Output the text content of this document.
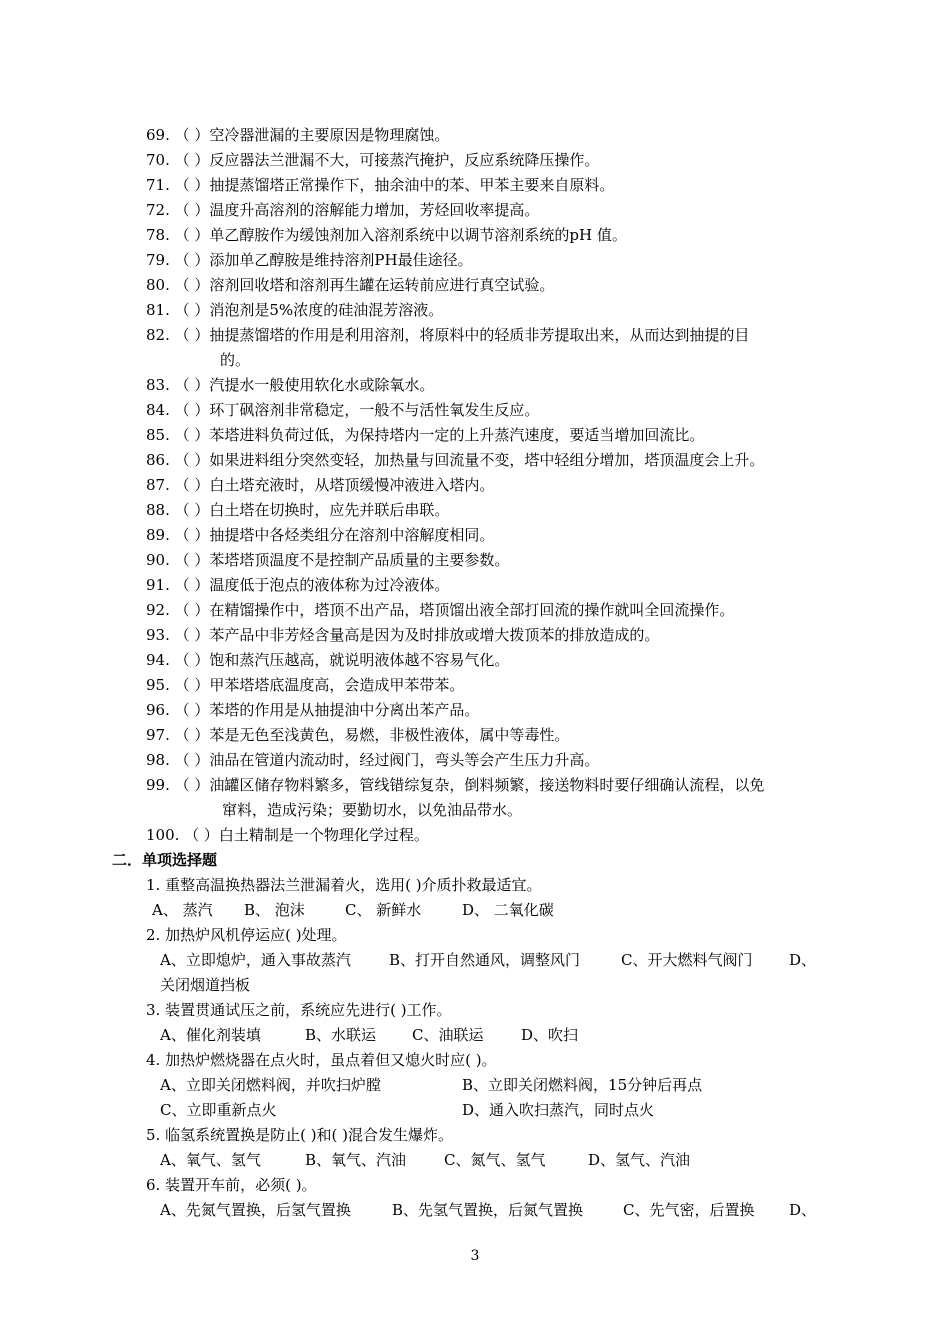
69. （ ）空冷器泄漏的主要原因是物理腐蚀。
70. （ ）反应器法兰泄漏不大，可接蒸汽掩护，反应系统降压操作。
71. （ ）抽提蒸馏塔正常操作下，抽余油中的苯、甲苯主要来自原料。
72. （ ）温度升高溶剂的溶解能力增加，芳烃回收率提高。
78. （ ）单乙醇胺作为缓蚀剂加入溶剂系统中以调节溶剂系统的pH 值。
79. （ ）添加单乙醇胺是维持溶剂PH最佳途径。
80. （ ）溶剂回收塔和溶剂再生罐在运转前应进行真空试验。
81. （ ）消泡剂是5%浓度的硅油混芳溶液。
82. （ ）抽提蒸馏塔的作用是利用溶剂，将原料中的轻质非芳提取出来，从而达到抽提的目
的。
83. （ ）汽提水一般使用软化水或除氧水。
84. （ ）环丁砜溶剂非常稳定，一般不与活性氧发生反应。
85. （ ）苯塔进料负荷过低，为保持塔内一定的上升蒸汽速度，要适当增加回流比。
86. （ ）如果进料组分突然变轻，加热量与回流量不变，塔中轻组分增加，塔顶温度会上升。
87. （ ）白土塔充液时，从塔顶缓慢冲液进入塔内。
88. （ ）白土塔在切换时，应先并联后串联。
89. （ ）抽提塔中各烃类组分在溶剂中溶解度相同。
90. （ ）苯塔塔顶温度不是控制产品质量的主要参数。
91. （ ）温度低于泡点的液体称为过冷液体。
92. （ ）在精馏操作中，塔顶不出产品，塔顶馏出液全部打回流的操作就叫全回流操作。
93. （ ）苯产品中非芳烃含量高是因为及时排放或增大拨顶苯的排放造成的。
94. （ ）饱和蒸汽压越高，就说明液体越不容易气化。
95. （ ）甲苯塔塔底温度高，会造成甲苯带苯。
96. （ ）苯塔的作用是从抽提油中分离出苯产品。
97. （ ）苯是无色至浅黄色，易燃，非极性液体，属中等毒性。
98. （ ）油品在管道内流动时，经过阀门，弯头等会产生压力升高。
99. （ ）油罐区储存物料繁多，管线错综复杂，倒料频繁，接送物料时要仔细确认流程，以免
窜料，造成污染；要勤切水，以免油品带水。
100. （ ）白土精制是一个物理化学过程。
二．单项选择题
1. 重整高温换热器法兰泄漏着火，选用( )介质扑救最适宜。
A、 蒸汽 B、 泡沫	C、 新鲜水	D、 二氧化碳
2. 加热炉风机停运应( )处理。
A、立即熄炉，通入事故蒸汽	B、打开自然通风，调整风门	C、开大燃料气阀门 D、
关闭烟道挡板
3. 装置贯通试压之前，系统应先进行( )工作。
A、催化剂装填	B、水联运 C、油联运	D、吹扫
4. 加热炉燃烧器在点火时，虽点着但又熄火时应( )。
A、立即关闭燃料阀，并吹扫炉膛	B、立即关闭燃料阀，15分钟后再点
C、立即重新点火	D、通入吹扫蒸汽，同时点火
5. 临氢系统置换是防止( )和( )混合发生爆炸。
A、氧气、氢气	B、氧气、汽油	C、氮气、氢气	D、氢气、汽油
6. 装置开车前，必须( )。
A、先氮气置换，后氢气置换	B、先氢气置换，后氮气置换	C、先气密，后置换 D、
3
